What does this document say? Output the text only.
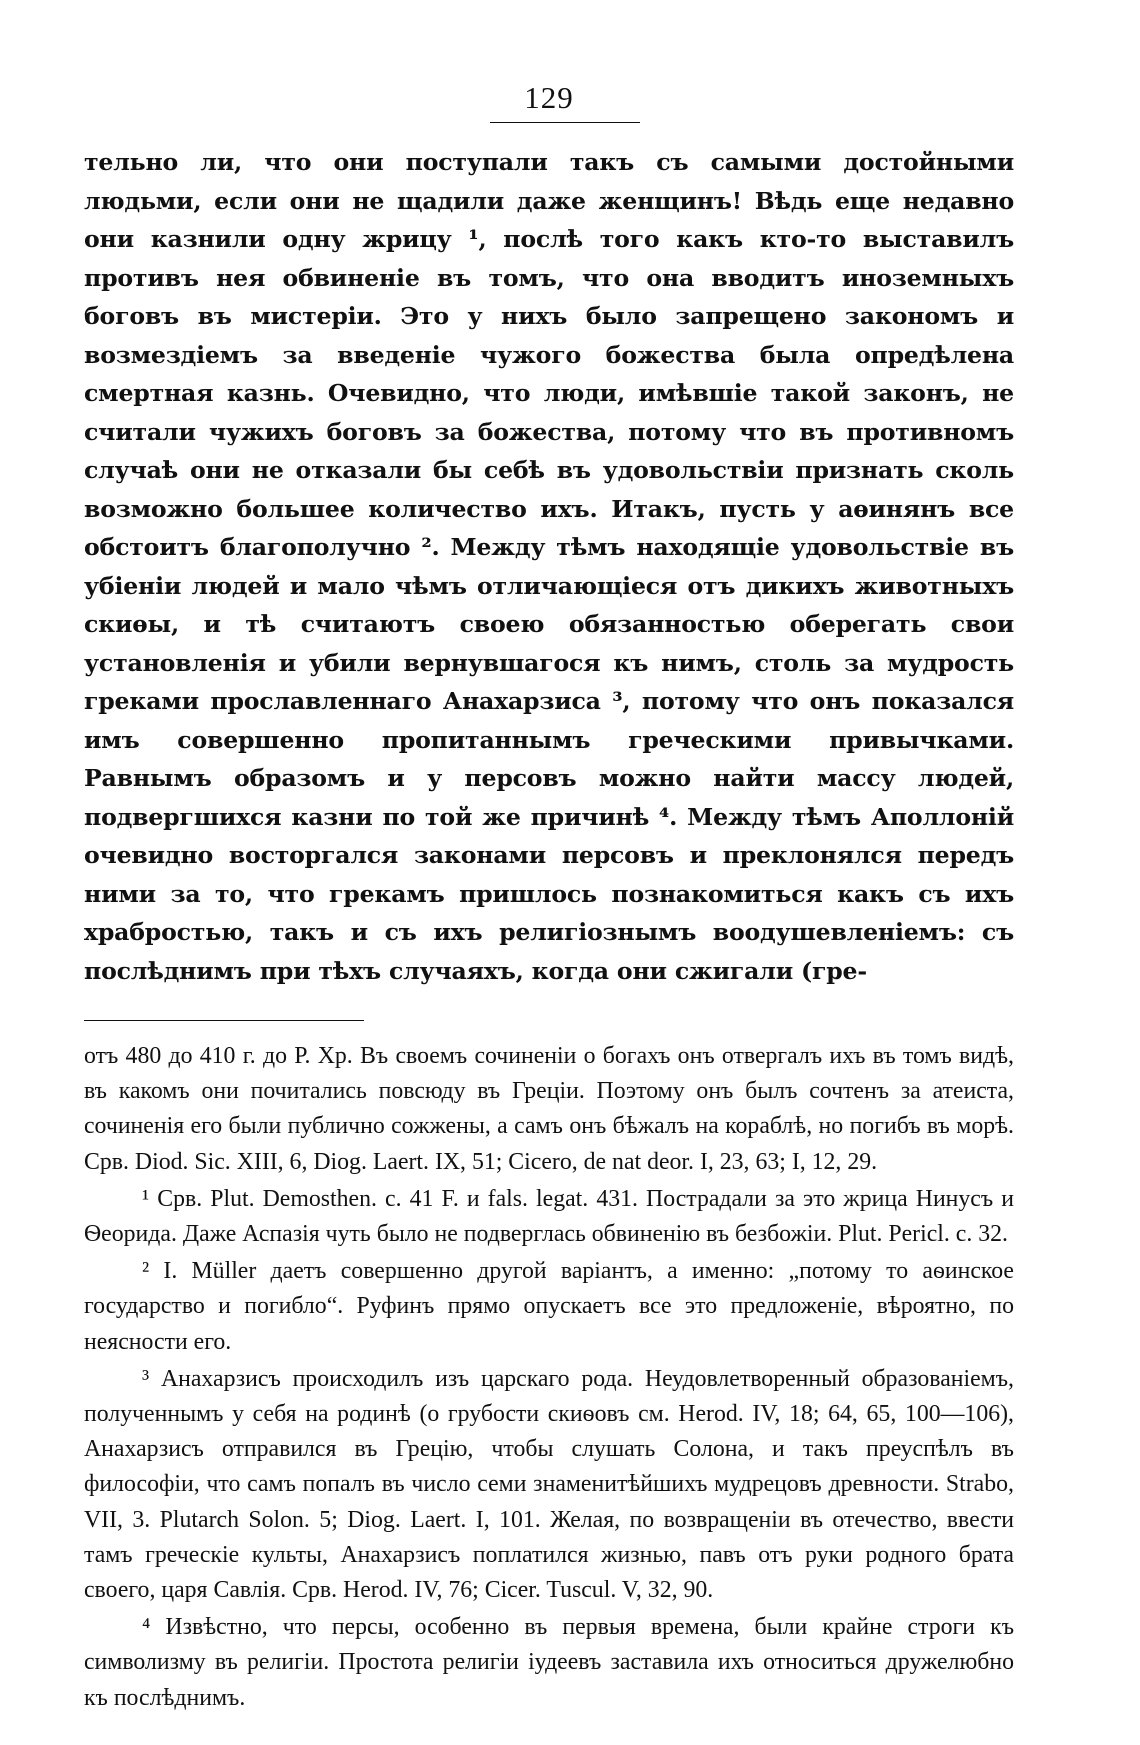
129

тельно ли, что они поступали такъ съ самыми достойными людьми, если они не щадили даже женщинъ! Вѣдь еще недавно они казнили одну жрицу ¹, послѣ того какъ кто-то выставилъ противъ нея обвиненіе въ томъ, что она вводитъ иноземныхъ боговъ въ мистеріи. Это у нихъ было запрещено закономъ и возмездіемъ за введеніе чужого божества была опредѣлена смертная казнь. Очевидно, что люди, имѣвшіе такой законъ, не считали чужихъ боговъ за божества, потому что въ противномъ случаѣ они не отказали бы себѣ въ удовольствіи признать сколь возможно большее количество ихъ. Итакъ, пусть у аѳинянъ все обстоитъ благополучно ². Между тѣмъ находящіе удовольствіе въ убіеніи людей и мало чѣмъ отличающіеся отъ дикихъ животныхъ скиѳы, и тѣ считаютъ своею обязанностью оберегать свои установленія и убили вернувшагося къ нимъ, столь за мудрость греками прославленнаго Анахарзиса ³, потому что онъ показался имъ совершенно пропитаннымъ греческими привычками. Равнымъ образомъ и у персовъ можно найти массу людей, подвергшихся казни по той же причинѣ ⁴. Между тѣмъ Аполлоній очевидно восторгался законами персовъ и преклонялся передъ ними за то, что грекамъ пришлось познакомиться какъ съ ихъ храбростью, такъ и съ ихъ религіознымъ воодушевленіемъ: съ послѣднимъ при тѣхъ случаяхъ, когда они сжигали (гре-

отъ 480 до 410 г. до Р. Хр. Въ своемъ сочиненіи о богахъ онъ отвергалъ ихъ въ томъ видѣ, въ какомъ они почитались повсюду въ Греціи. Поэтому онъ былъ сочтенъ за атеиста, сочиненія его были публично сожжены, а самъ онъ бѣжалъ на кораблѣ, но погибъ въ морѣ. Срв. Diod. Sic. XIII, 6, Diog. Laert. IX, 51; Cicero, de nat deor. I, 23, 63; I, 12, 29.

¹ Срв. Plut. Demosthen. c. 41 F. и fals. legat. 431. Пострадали за это жрица Нинусъ и Ѳеорида. Даже Аспазія чуть было не подверглась обвиненію въ безбожіи. Plut. Pericl. c. 32.

² I. Müller даетъ совершенно другой варіантъ, а именно: „потому то аѳинское государство и погибло“. Руфинъ прямо опускаетъ все это предложеніе, вѣроятно, по неясности его.

³ Анахарзисъ происходилъ изъ царскаго рода. Неудовлетворенный образованіемъ, полученнымъ у себя на родинѣ (о грубости скиѳовъ см. Herod. IV, 18; 64, 65, 100—106), Анахарзисъ отправился въ Грецію, чтобы слушать Солона, и такъ преуспѣлъ въ философіи, что самъ попалъ въ число семи знаменитѣйшихъ мудрецовъ древности. Strabo, VII, 3. Plutarch Solon. 5; Diog. Laert. I, 101. Желая, по возвращеніи въ отечество, ввести тамъ греческіе культы, Анахарзисъ поплатился жизнью, павъ отъ руки родного брата своего, царя Савлія. Срв. Herod. IV, 76; Cicer. Tuscul. V, 32, 90.

⁴ Извѣстно, что персы, особенно въ первыя времена, были крайне строги къ символизму въ религіи. Простота религіи іудеевъ заставила ихъ относиться дружелюбно къ послѣднимъ.
